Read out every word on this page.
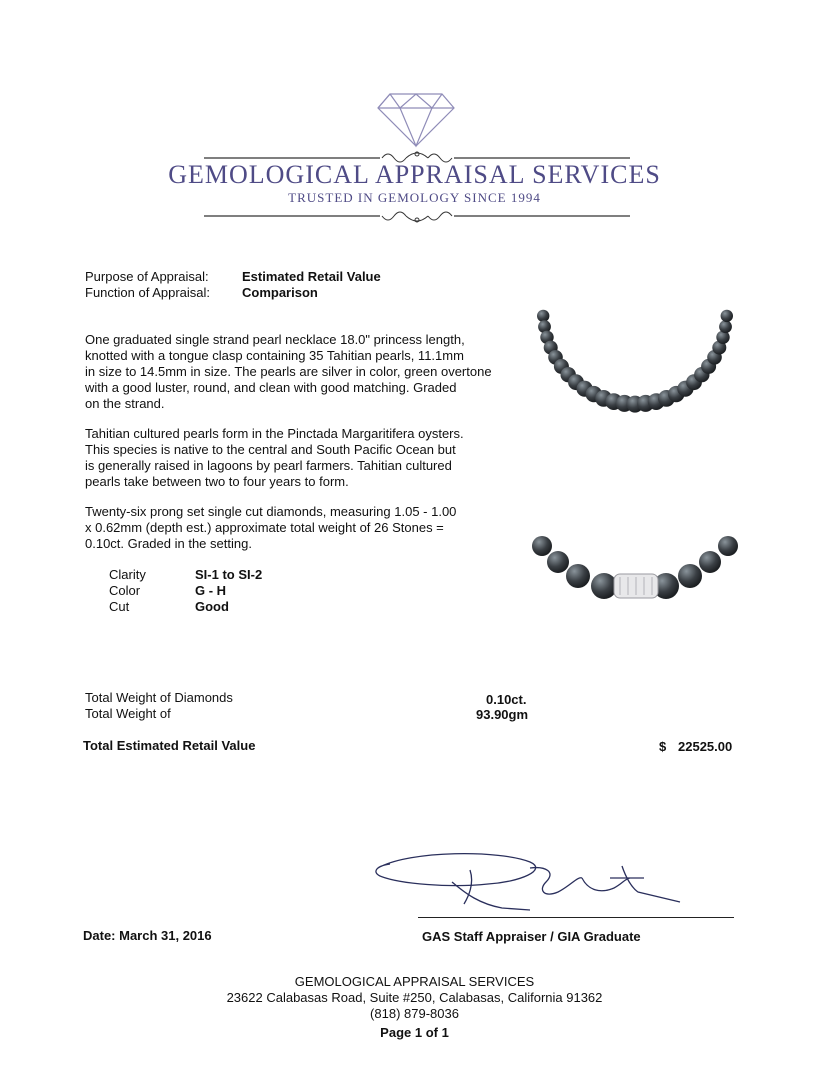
GEMOLOGICAL APPRAISAL SERVICES
TRUSTED IN GEMOLOGY SINCE 1994
Purpose of Appraisal:	Estimated Retail Value
Function of Appraisal: Comparison
One graduated single strand pearl necklace 18.0" princess length,
knotted with a tongue clasp containing 35 Tahitian pearls, 11.1mm
in size to 14.5mm in size. The pearls are silver in color, green overtone
with a good luster, round, and clean with good matching. Graded
on the strand.
Tahitian cultured pearls form in the Pinctada Margaritifera oysters.
This species is native to the central and South Pacific Ocean but
is generally raised in lagoons by pearl farmers. Tahitian cultured
pearls take between two to four years to form.
Twenty-six prong set single cut diamonds, measuring 1.05 - 1.00
x 0.62mm (depth est.) approximate total weight of 26 Stones =
0.10ct. Graded in the setting.
Clarity	SI-1 to SI-2
Color	G - H
Cut	Good
Total Weight of Diamonds	0.10ct.
Total Weight of	93.90gm
Total Estimated Retail Value	$ 22525.00
Date: March 31, 2016	GAS Staff Appraiser / GIA Graduate
GEMOLOGICAL APPRAISAL SERVICES
23622 Calabasas Road, Suite #250, Calabasas, California 91362
(818) 879-8036
Page 1 of 1
